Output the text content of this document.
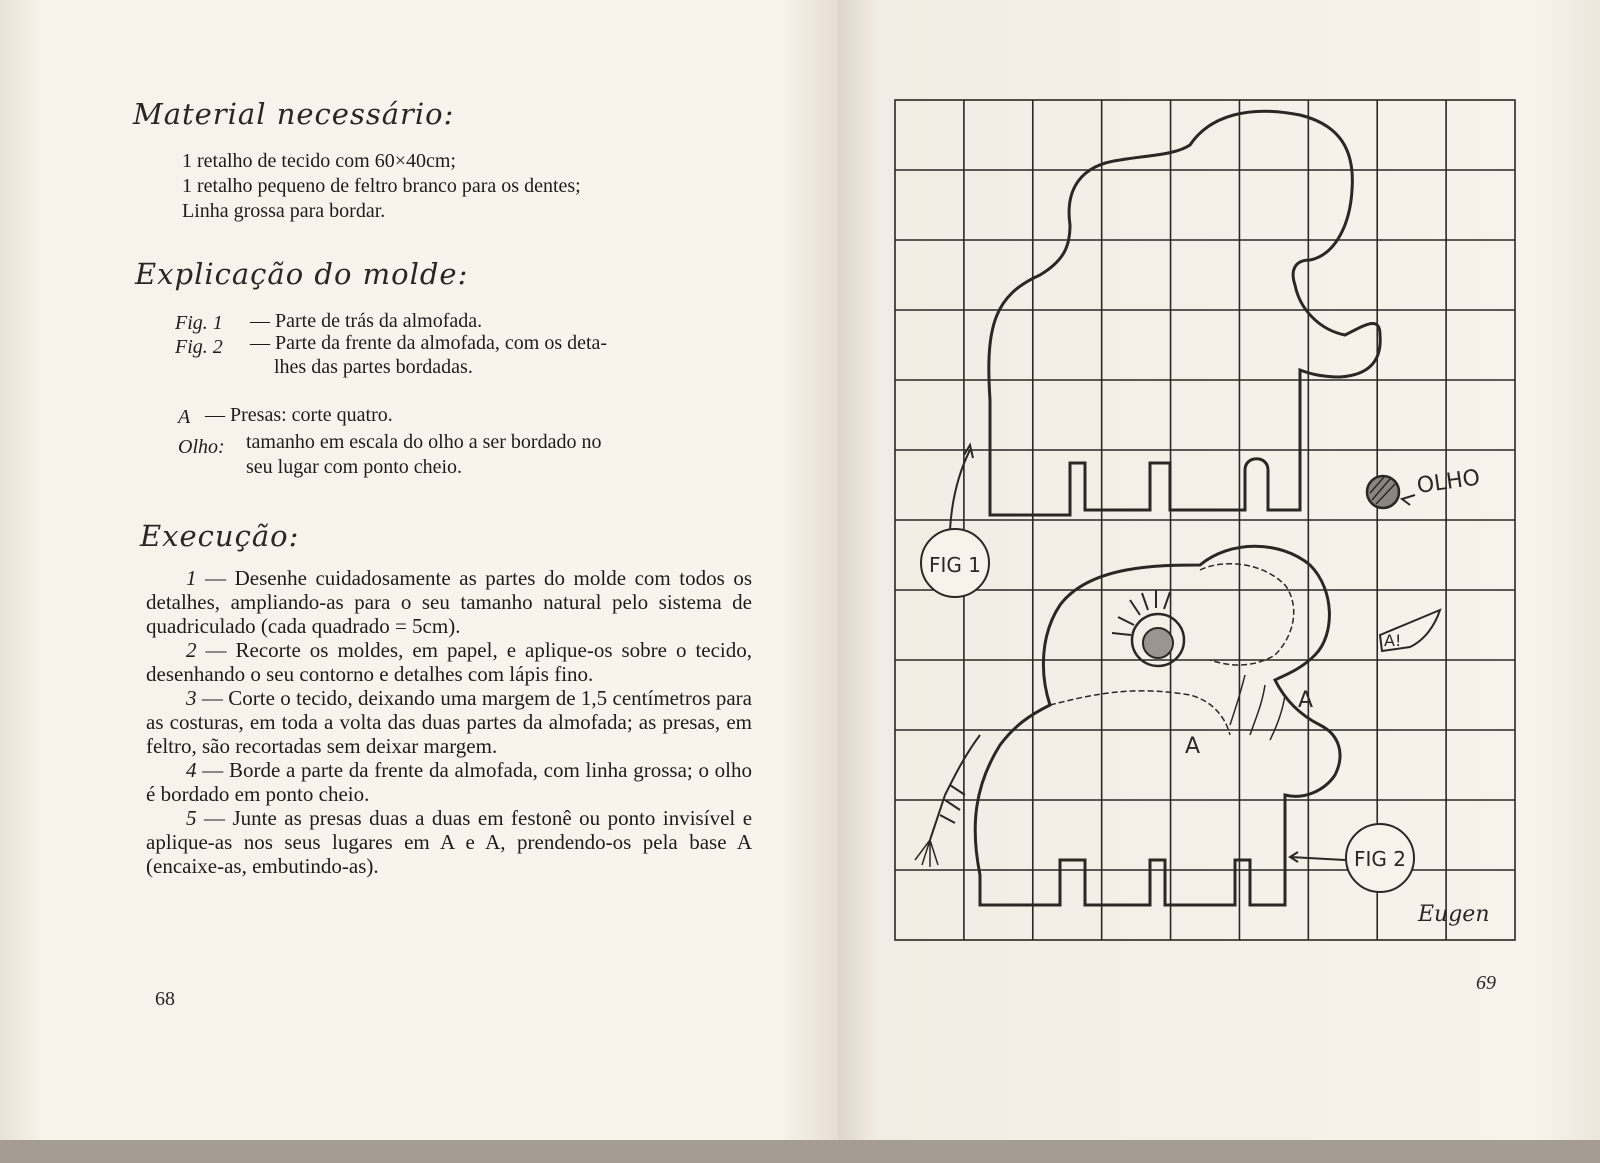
Material necessário:
1 retalho de tecido com 60×40cm;
1 retalho pequeno de feltro branco para os dentes;
Linha grossa para bordar.
Explicação do molde:
Fig. 1 — Parte de trás da almofada.
Fig. 2 — Parte da frente da almofada, com os deta-
lhes das partes bordadas.
A — Presas: corte quatro.
Olho: tamanho em escala do olho a ser bordado no
seu lugar com ponto cheio.
Execução:

1 — Desenhe cuidadosamente as partes do molde com todos os detalhes, ampliando-as para o seu tamanho natural pelo sistema de quadriculado (cada quadrado = 5cm).

2 — Recorte os moldes, em papel, e aplique-os sobre o tecido, desenhando o seu contorno e detalhes com lápis fino.

3 — Corte o tecido, deixando uma margem de 1,5 centímetros para as costuras, em toda a volta das duas partes da almofada; as presas, em feltro, são recortadas sem deixar margem.

4 — Borde a parte da frente da almofada, com linha grossa; o olho é bordado em ponto cheio.

5 — Junte as presas duas a duas em festonê ou ponto invisível e aplique-as nos seus lugares em A e A, prendendo-os pela base A (encaixe-as, embutindo-as).

68
69
FIG 1
OLHO
A
A
A!
FIG 2
Eugen
